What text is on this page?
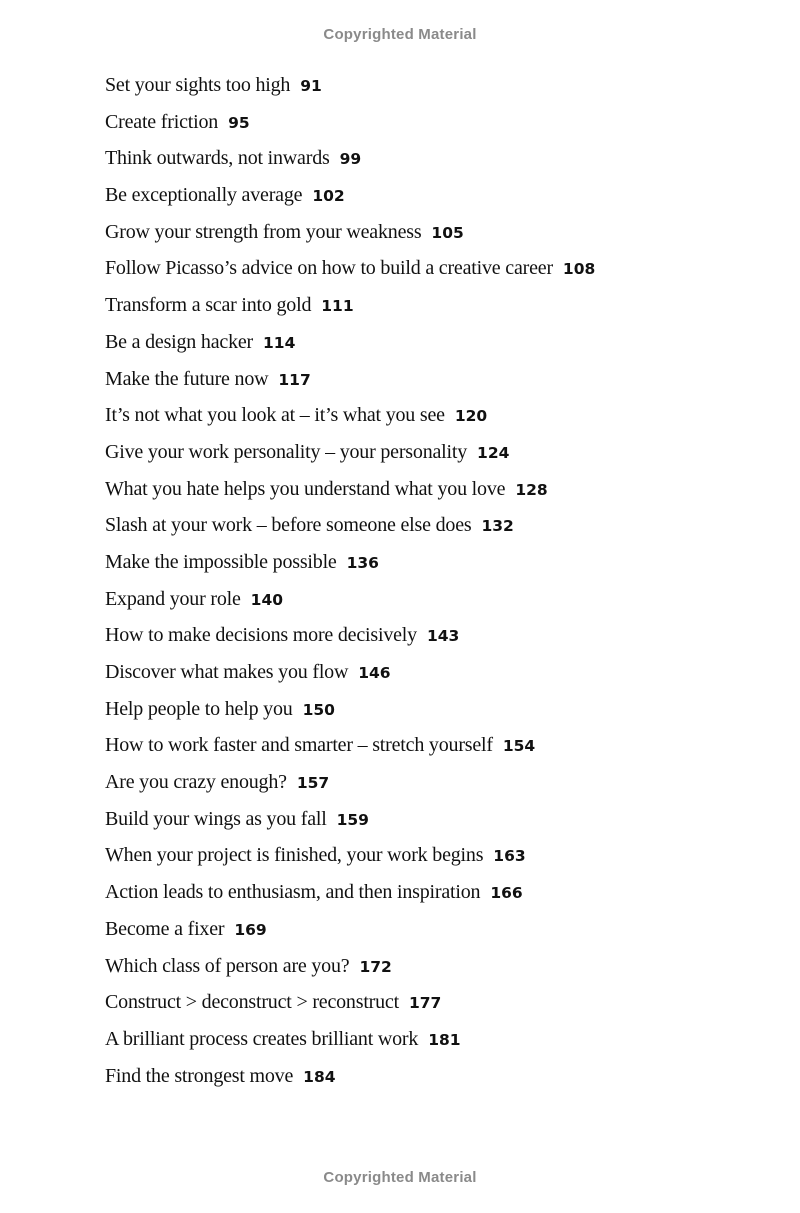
Copyrighted Material
Set your sights too high 91
Create friction 95
Think outwards, not inwards 99
Be exceptionally average 102
Grow your strength from your weakness 105
Follow Picasso’s advice on how to build a creative career 108
Transform a scar into gold 111
Be a design hacker 114
Make the future now 117
It’s not what you look at – it’s what you see 120
Give your work personality – your personality 124
What you hate helps you understand what you love 128
Slash at your work – before someone else does 132
Make the impossible possible 136
Expand your role 140
How to make decisions more decisively 143
Discover what makes you flow 146
Help people to help you 150
How to work faster and smarter – stretch yourself 154
Are you crazy enough? 157
Build your wings as you fall 159
When your project is finished, your work begins 163
Action leads to enthusiasm, and then inspiration 166
Become a fixer 169
Which class of person are you? 172
Construct > deconstruct > reconstruct 177
A brilliant process creates brilliant work 181
Find the strongest move 184
Copyrighted Material
